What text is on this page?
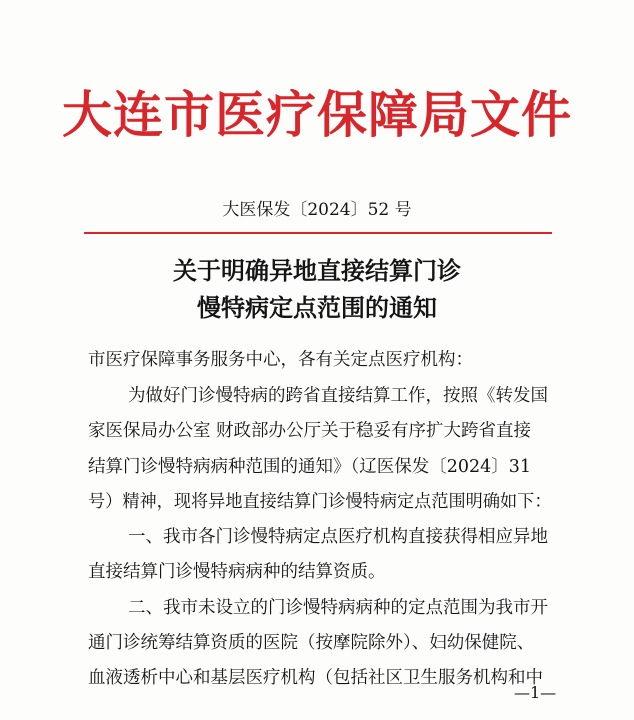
大连市医疗保障局文件
大医保发〔2024〕52 号
关于明确异地直接结算门诊
慢特病定点范围的通知
市医疗保障事务服务中心，各有关定点医疗机构：
为做好门诊慢特病的跨省直接结算工作，按照《转发国
家医保局办公室 财政部办公厅关于稳妥有序扩大跨省直接
结算门诊慢特病病种范围的通知》（辽医保发〔2024〕31
号）精神，现将异地直接结算门诊慢特病定点范围明确如下：
一、我市各门诊慢特病定点医疗机构直接获得相应异地
直接结算门诊慢特病病种的结算资质。
二、我市未设立的门诊慢特病病种的定点范围为我市开
通门诊统筹结算资质的医院（按摩院除外）、妇幼保健院、
血液透析中心和基层医疗机构（包括社区卫生服务机构和中
—1—
